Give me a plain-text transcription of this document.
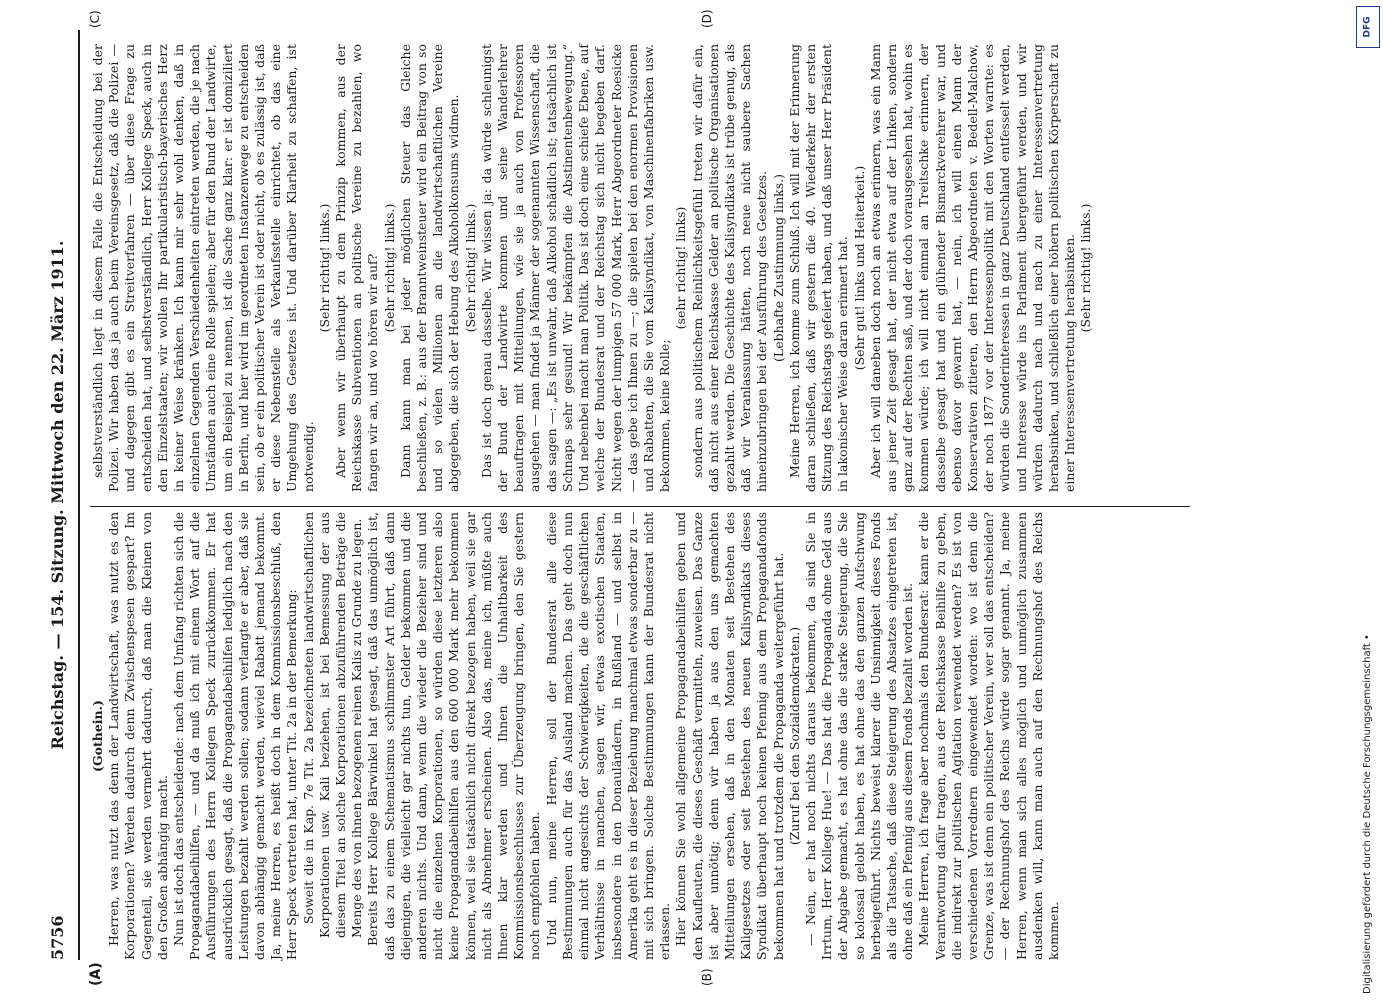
5756
Reichstag. — 154. Sitzung. Mittwoch den 22. März 1911.
(A)	(B)
(C)	(D)

(Gothein.) Herren, was nutzt das denn der Landwirtschaft, was nutzt es den Korporationen? Werden dadurch denn Zwischenspesen gespart? Im Gegenteil, sie werden vermehrt dadurch, daß man die Kleinen von den Großen abhängig macht. Nun ist doch das entscheidende: nach dem Umfang richten sich die Propagandabeihilfen, — und da muß ich mit einem Wort auf die Ausführungen des Herrn Kollegen Speck zurückkommen. Er hat ausdrücklich gesagt, daß die Propagandabeihilfen lediglich nach den Leistungen bezahlt werden sollen; sodann verlangte er aber, daß sie davon abhängig gemacht werden, wieviel Rabatt jemand bekommt. Ja, meine Herren, es heißt doch in dem Kommissionsbeschluß, den Herr Speck vertreten hat, unter Tit. 2a in der Bemerkung: Soweit die in Kap. 7e Tit. 2a bezeichneten landwirtschaftlichen Korporationen usw. Kali beziehen, ist bei Bemessung der aus diesem Titel an solche Korporationen abzuführenden Beträge die Menge des von ihnen bezogenen reinen Kalis zu Grunde zu legen. Bereits Herr Kollege Bärwinkel hat gesagt, daß das unmöglich ist, daß das zu einem Schematismus schlimmster Art führt, daß dann diejenigen, die vielleicht gar nichts tun, Gelder bekommen und die anderen nichts. Und dann, wenn die wieder die Bezieher sind und nicht die einzelnen Korporationen, so würden diese letzteren also keine Propagandabeihilfen aus den 600 000 Mark mehr bekommen können, weil sie tatsächlich nicht direkt bezogen haben, weil sie gar nicht als Abnehmer erscheinen. Also das, meine ich, müßte auch Ihnen klar werden und Ihnen die Unhaltbarkeit des Kommissionsbeschlusses zur Überzeugung bringen, den Sie gestern noch empfohlen haben. Und nun, meine Herren, soll der Bundesrat alle diese Bestimmungen auch für das Ausland machen. Das geht doch nun einmal nicht angesichts der Schwierigkeiten, die die geschäftlichen Verhältnisse in manchen, sagen wir, etwas exotischen Staaten, insbesondere in den Donauländern, in Rußland — und selbst in Amerika geht es in dieser Beziehung manchmal etwas sonderbar zu — mit sich bringen. Solche Bestimmungen kann der Bundesrat nicht erlassen. Hier können Sie wohl allgemeine Propagandabeihilfen geben und den Kaufleuten, die dieses Geschäft vermitteln, zuweisen. Das Ganze ist aber unnötig; denn wir haben ja aus den uns gemachten Mitteilungen ersehen, daß in den Monaten seit Bestehen des Kaligesetzes oder seit Bestehen des neuen Kalisyndikats dieses Syndikat überhaupt noch keinen Pfennig aus dem Propagandafonds bekommen hat und trotzdem die Propaganda weitergeführt hat. (Zuruf bei den Sozialdemokraten.) — Nein, er hat noch nichts daraus bekommen, da sind Sie in Irrtum, Herr Kollege Hue! — Das hat die Propaganda ohne Geld aus der Abgabe gemacht, es hat ohne das die starke Steigerung, die Sie so kolossal gelobt haben, es hat ohne das den ganzen Aufschwung herbeigeführt. Nichts beweist klarer die Unsinnigkeit dieses Fonds als die Tatsache, daß diese Steigerung des Absatzes eingetreten ist, ohne daß ein Pfennig aus diesem Fonds bezahlt worden ist. Meine Herren, ich frage aber nochmals den Bundesrat: kann er die Verantwortung dafür tragen, aus der Reichskasse Beihilfe zu geben, die indirekt zur politischen Agitation verwendet werden? Es ist von verschiedenen Vorrednern eingewendet worden: wo ist denn die Grenze, was ist denn ein politischer Verein, wer soll das entscheiden? — der Rechnungshof des Reichs würde sogar genannt. Ja, meine Herren, wenn man sich alles möglich und unmöglich zusammen ausdenken will, kann man auch auf den Rechnungshof des Reichs kommen.

selbstverständlich liegt in diesem Falle die Entscheidung bei der Polizei. Wir haben das ja auch beim Vereinsgesetz, daß die Polizei — und dagegen gibt es ein Streitverfahren — über diese Frage zu entscheiden hat, und selbstverständlich, Herr Kollege Speck, auch in den Einzelstaaten; wir wollen Ihr partikularistisch-bayerisches Herz in keiner Weise kränken. Ich kann mir sehr wohl denken, daß in einzelnen Gegenden Verschiedenheiten eintreten werden, die je nach Umständen auch eine Rolle spielen; aber für den Bund der Landwirte, um ein Beispiel zu nennen, ist die Sache ganz klar: er ist domiziliert in Berlin, und hier wird im geordneten Instanzenwege zu entscheiden sein, ob er ein politischer Verein ist oder nicht, ob es zulässig ist, daß er diese Nebenstelle als Verkaufsstelle einrichtet, ob das eine Umgehung des Gesetzes ist. Und darüber Klarheit zu schaffen, ist notwendig.

(Sehr richtig! links.) Aber wenn wir überhaupt zu dem Prinzip kommen, aus der Reichskasse Subventionen an politische Vereine zu bezahlen, wo fangen wir an, und wo hören wir auf? (Sehr richtig! links.) Dann kann man bei jeder möglichen Steuer das Gleiche beschließen, z. B.: aus der Branntweinsteuer wird ein Beitrag von so und so vielen Millionen an die landwirtschaftlichen Vereine abgegeben, die sich der Hebung des Alkoholkonsums widmen. (Sehr richtig! links.) Das ist doch genau dasselbe. Wir wissen ja: da würde schleunigst der Bund der Landwirte kommen und seine Wanderlehrer beauftragen mit Mitteilungen, wie sie ja auch von Professoren ausgehen — man findet ja Männer der sogenannten Wissenschaft, die das sagen —: „Es ist unwahr, daß Alkohol schädlich ist; tatsächlich ist Schnaps sehr gesund! Wir bekämpfen die Abstinentenbewegung.“ Und nebenbei macht man Politik. Das ist doch eine schiefe Ebene, auf welche der Bundesrat und der Reichstag sich nicht begeben darf. Nicht wegen der lumpigen 57 000 Mark, Herr Abgeordneter Roesicke — das gebe ich Ihnen zu —; die spielen bei den enormen Provisionen und Rabatten, die Sie vom Kalisyndikat, von Maschinenfabriken usw. bekommen, keine Rolle;

(sehr richtig! links) sondern aus politischem Reinlichkeitsgefühl treten wir dafür ein, daß nicht aus einer Reichskasse Gelder an politische Organisationen gezahlt werden. Die Geschichte des Kalisyndikats ist trübe genug, als daß wir Veranlassung hätten, noch neue nicht saubere Sachen hineinzubringen bei der Ausführung des Gesetzes. (Lebhafte Zustimmung links.) Meine Herren, ich komme zum Schluß. Ich will mit der Erinnerung daran schließen, daß wir gestern die 40. Wiederkehr der ersten Sitzung des Reichstags gefeiert haben, und daß unser Herr Präsident in lakonischer Weise daran erinnert hat. (Sehr gut! links und Heiterkeit.) Aber ich will daneben doch noch an etwas erinnern, was ein Mann aus jener Zeit gesagt hat, der nicht etwa auf der Linken, sondern ganz auf der Rechten saß, und der doch vorausgesehen hat, wohin es kommen würde; ich will nicht einmal an Treitschke erinnern, der dasselbe gesagt hat und ein glühender Bismarckverehrer war, und ebenso davor gewarnt hat, — nein, ich will einen Mann der Konservativen zitieren, den Herrn Abgeordneten v. Bedell-Malchow, der noch 1877 vor der Interessenpolitik mit den Worten warnte: es würden die Sonderinteressen in ganz Deutschland entfesselt werden, und Interesse würde ins Parlament übergeführt werden, und wir würden dadurch nach und nach zu einer Interessenvertretung herabsinken, und schließlich einer höhern politischen Körperschaft zu einer Interessenvertretung herabsinken. (Sehr richtig! links.)

Digitalisierung gefördert durch die Deutsche Forschungsgemeinschaft •
DFG
